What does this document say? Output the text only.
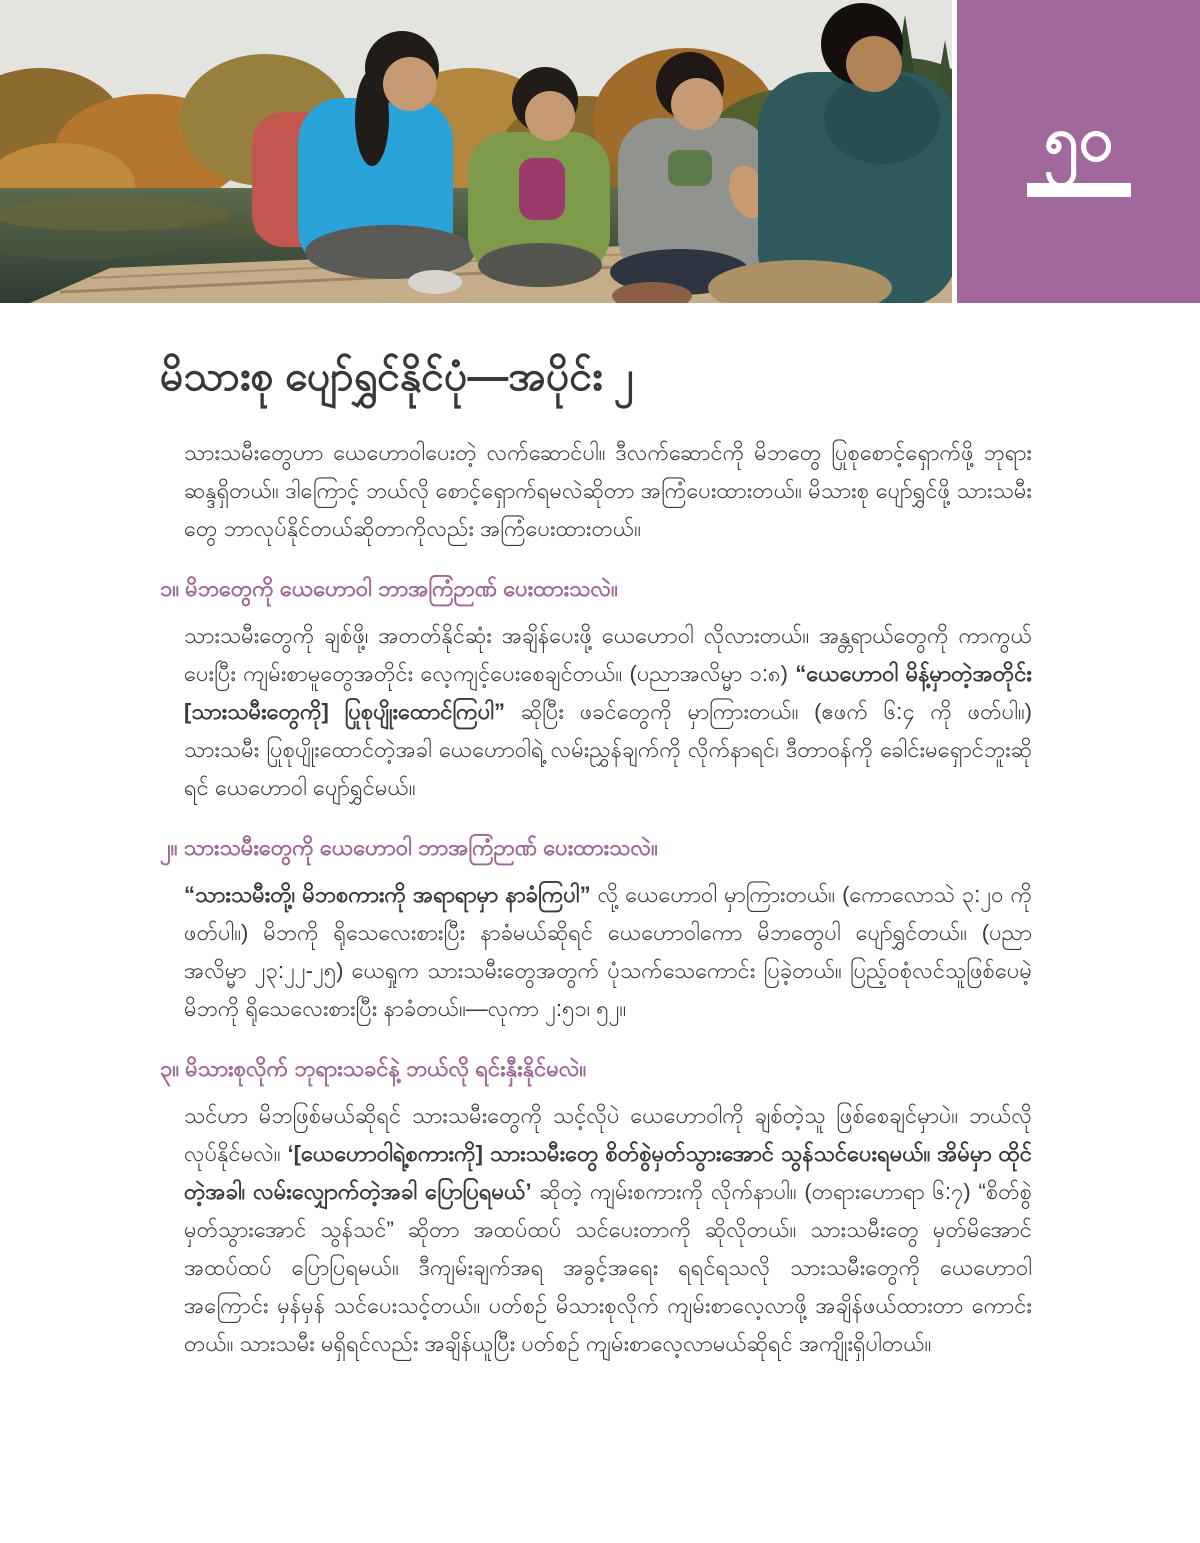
၅၀
မိသားစု ပျော်ရွှင်နိုင်ပုံ—အပိုင်း ၂

သားသမီးတွေဟာ ယေဟောဝါပေးတဲ့ လက်ဆောင်ပါ။ ဒီလက်ဆောင်ကို မိဘတွေ ပြုစုစောင့်ရှောက်ဖို့ ဘုရား ဆန္ဒရှိတယ်။ ဒါကြောင့် ဘယ်လို စောင့်ရှောက်ရမလဲဆိုတာ အကြံပေးထားတယ်။ မိသားစု ပျော်ရွှင်ဖို့ သားသမီးတွေ ဘာလုပ်နိုင်တယ်ဆိုတာကိုလည်း အကြံပေးထားတယ်။

၁။ မိဘတွေကို ယေဟောဝါ ဘာအကြံဉာဏ် ပေးထားသလဲ။

သားသမီးတွေကို ချစ်ဖို့၊ အတတ်နိုင်ဆုံး အချိန်ပေးဖို့ ယေဟောဝါ လိုလားတယ်။ အန္တရာယ်တွေကို ကာကွယ်ပေးပြီး ကျမ်းစာမူတွေအတိုင်း လေ့ကျင့်ပေးစေချင်တယ်။ (ပညာအလိမ္မာ ၁:၈) “ယေဟောဝါ မိန့်မှာတဲ့အတိုင်း [သားသမီးတွေကို] ပြုစုပျိုးထောင်ကြပါ” ဆိုပြီး ဖခင်တွေကို မှာကြားတယ်။ (ဧဖက် ၆:၄ ကို ဖတ်ပါ။) သားသမီး ပြုစုပျိုးထောင်တဲ့အခါ ယေဟောဝါရဲ့ လမ်းညွှန်ချက်ကို လိုက်နာရင်၊ ဒီတာဝန်ကို ခေါင်းမရှောင်ဘူးဆိုရင် ယေဟောဝါ ပျော်ရွှင်မယ်။

၂။ သားသမီးတွေကို ယေဟောဝါ ဘာအကြံဉာဏ် ပေးထားသလဲ။

“သားသမီးတို့၊ မိဘစကားကို အရာရာမှာ နာခံကြပါ” လို့ ယေဟောဝါ မှာကြားတယ်။ (ကောလောသဲ ၃:၂၀ ကို ဖတ်ပါ။) မိဘကို ရိုသေလေးစားပြီး နာခံမယ်ဆိုရင် ယေဟောဝါကော မိဘတွေပါ ပျော်ရွှင်တယ်။ (ပညာအလိမ္မာ ၂၃:၂၂-၂၅) ယေရှုက သားသမီးတွေအတွက် ပုံသက်သေကောင်း ပြခဲ့တယ်။ ပြည့်ဝစုံလင်သူဖြစ်ပေမဲ့ မိဘကို ရိုသေလေးစားပြီး နာခံတယ်။—လုကာ ၂:၅၁၊ ၅၂။

၃။ မိသားစုလိုက် ဘုရားသခင်နဲ့ ဘယ်လို ရင်းနှီးနိုင်မလဲ။

သင်ဟာ မိဘဖြစ်မယ်ဆိုရင် သားသမီးတွေကို သင့်လိုပဲ ယေဟောဝါကို ချစ်တဲ့သူ ဖြစ်စေချင်မှာပဲ။ ဘယ်လို လုပ်နိုင်မလဲ။ ‘[ယေဟောဝါရဲ့စကားကို] သားသမီးတွေ စိတ်စွဲမှတ်သွားအောင် သွန်သင်ပေးရမယ်။ အိမ်မှာ ထိုင်တဲ့အခါ၊ လမ်းလျှောက်တဲ့အခါ ပြောပြရမယ်’ ဆိုတဲ့ ကျမ်းစကားကို လိုက်နာပါ။ (တရားဟောရာ ၆:၇) “စိတ်စွဲမှတ်သွားအောင် သွန်သင်” ဆိုတာ အထပ်ထပ် သင်ပေးတာကို ဆိုလိုတယ်။ သားသမီးတွေ မှတ်မိအောင် အထပ်ထပ် ပြောပြရမယ်။ ဒီကျမ်းချက်အရ အခွင့်အရေး ရရင်ရသလို သားသမီးတွေကို ယေဟောဝါအကြောင်း မှန်မှန် သင်ပေးသင့်တယ်။ ပတ်စဉ် မိသားစုလိုက် ကျမ်းစာလေ့လာဖို့ အချိန်ဖယ်ထားတာ ကောင်းတယ်။ သားသမီး မရှိရင်လည်း အချိန်ယူပြီး ပတ်စဉ် ကျမ်းစာလေ့လာမယ်ဆိုရင် အကျိုးရှိပါတယ်။
